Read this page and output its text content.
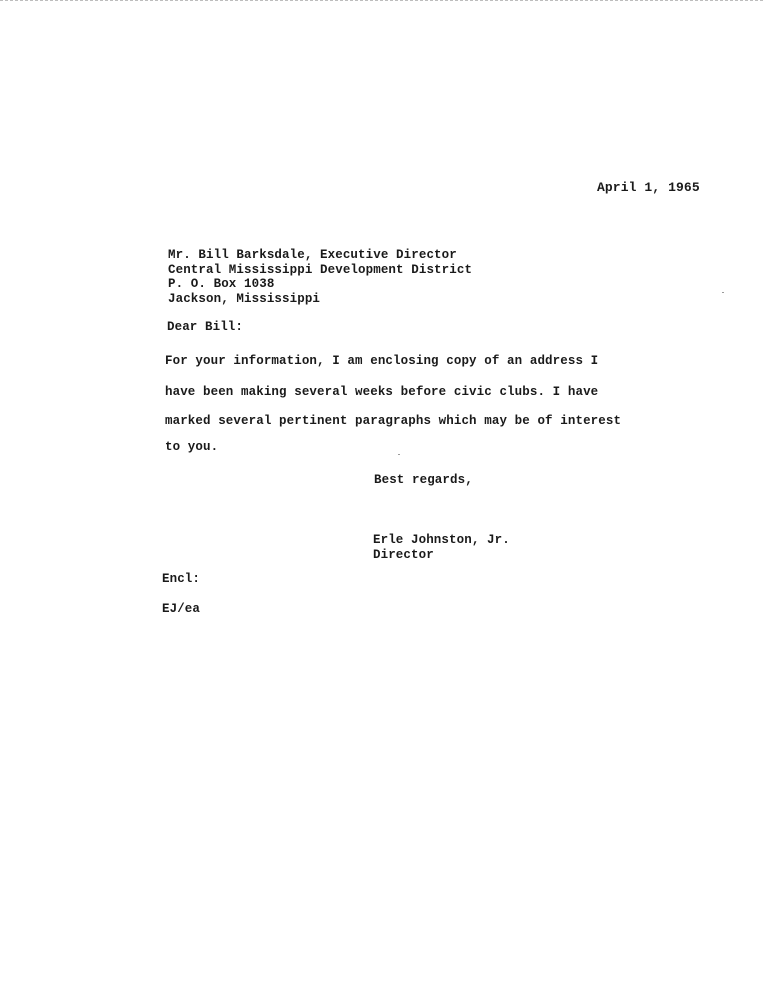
April 1, 1965
Mr. Bill Barksdale, Executive Director
Central Mississippi Development District
P. O. Box 1038
Jackson, Mississippi
Dear Bill:
For your information, I am enclosing copy of an address I
have been making several weeks before civic clubs. I have
marked several pertinent paragraphs which may be of interest
to you.
Best regards,
Erle Johnston, Jr.
Director
Encl:
EJ/ea
